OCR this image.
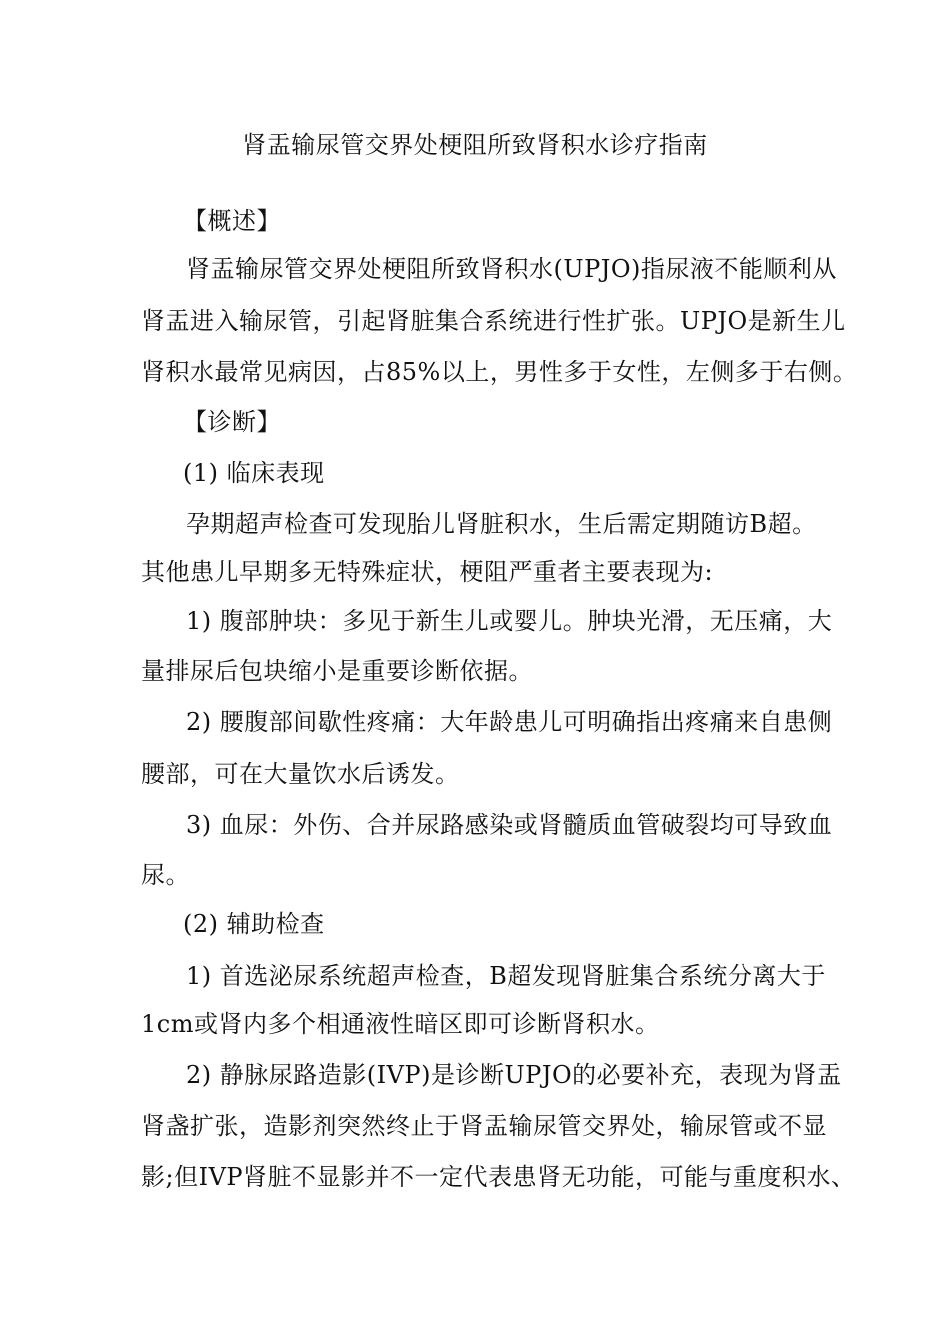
肾盂输尿管交界处梗阻所致肾积水诊疗指南
【概述】
肾盂输尿管交界处梗阻所致肾积水(UPJO)指尿液不能顺利从
肾盂进入输尿管，引起肾脏集合系统进行性扩张。UPJO是新生儿
肾积水最常见病因，占85%以上，男性多于女性，左侧多于右侧。
【诊断】
(1) 临床表现
孕期超声检查可发现胎儿肾脏积水，生后需定期随访B超。
其他患儿早期多无特殊症状，梗阻严重者主要表现为:
1) 腹部肿块：多见于新生儿或婴儿。肿块光滑，无压痛，大
量排尿后包块缩小是重要诊断依据。
2) 腰腹部间歇性疼痛：大年龄患儿可明确指出疼痛来自患侧
腰部，可在大量饮水后诱发。
3) 血尿：外伤、合并尿路感染或肾髓质血管破裂均可导致血
尿。
(2) 辅助检查
1) 首选泌尿系统超声检查，B超发现肾脏集合系统分离大于
1cm或肾内多个相通液性暗区即可诊断肾积水。
2) 静脉尿路造影(IVP)是诊断UPJO的必要补充，表现为肾盂
肾盏扩张，造影剂突然终止于肾盂输尿管交界处，输尿管或不显
影;但IVP肾脏不显影并不一定代表患肾无功能，可能与重度积水、
